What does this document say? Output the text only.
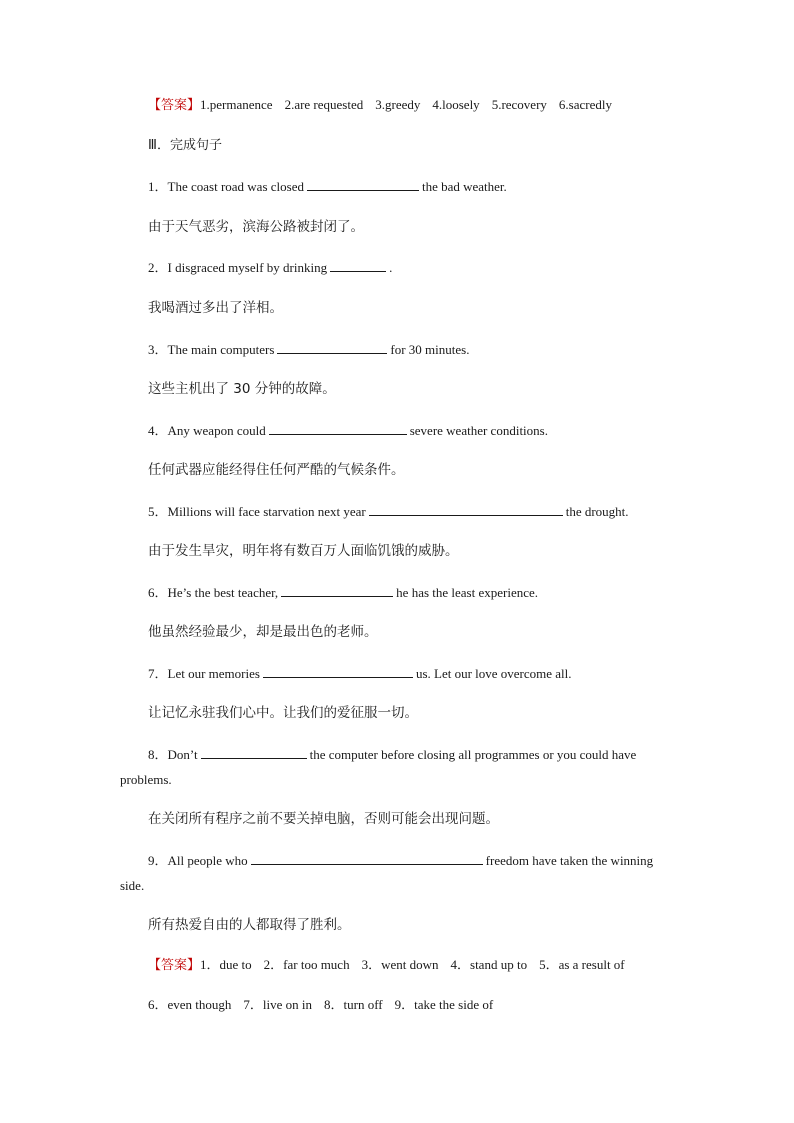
【答案】1.permanence 2.are requested 3.greedy 4.loosely 5.recovery 6.sacredly
Ⅲ．完成句子
1．The coast road was closed	the bad weather.
由于天气恶劣，滨海公路被封闭了。
2．I disgraced myself by drinking	.
我喝酒过多出了洋相。
3．The main computers	for 30 minutes.
这些主机出了 30 分钟的故障。
4．Any weapon could	severe weather conditions.
任何武器应能经得住任何严酷的气候条件。
5．Millions will face starvation next year	the drought.
由于发生旱灾，明年将有数百万人面临饥饿的威胁。
6．He’s the best teacher,	he has the least experience.
他虽然经验最少，却是最出色的老师。
7．Let our memories	us. Let our love overcome all.
让记忆永驻我们心中。让我们的爱征服一切。
8．Don’t	the computer before closing all programmes or you could have
problems.
在关闭所有程序之前不要关掉电脑，否则可能会出现问题。
9．All people who	freedom have taken the winning
side.
所有热爱自由的人都取得了胜利。
【答案】1．due to 2．far too much 3．went down 4．stand up to 5．as a result of
6．even though 7．live on in 8．turn off 9．take the side of
